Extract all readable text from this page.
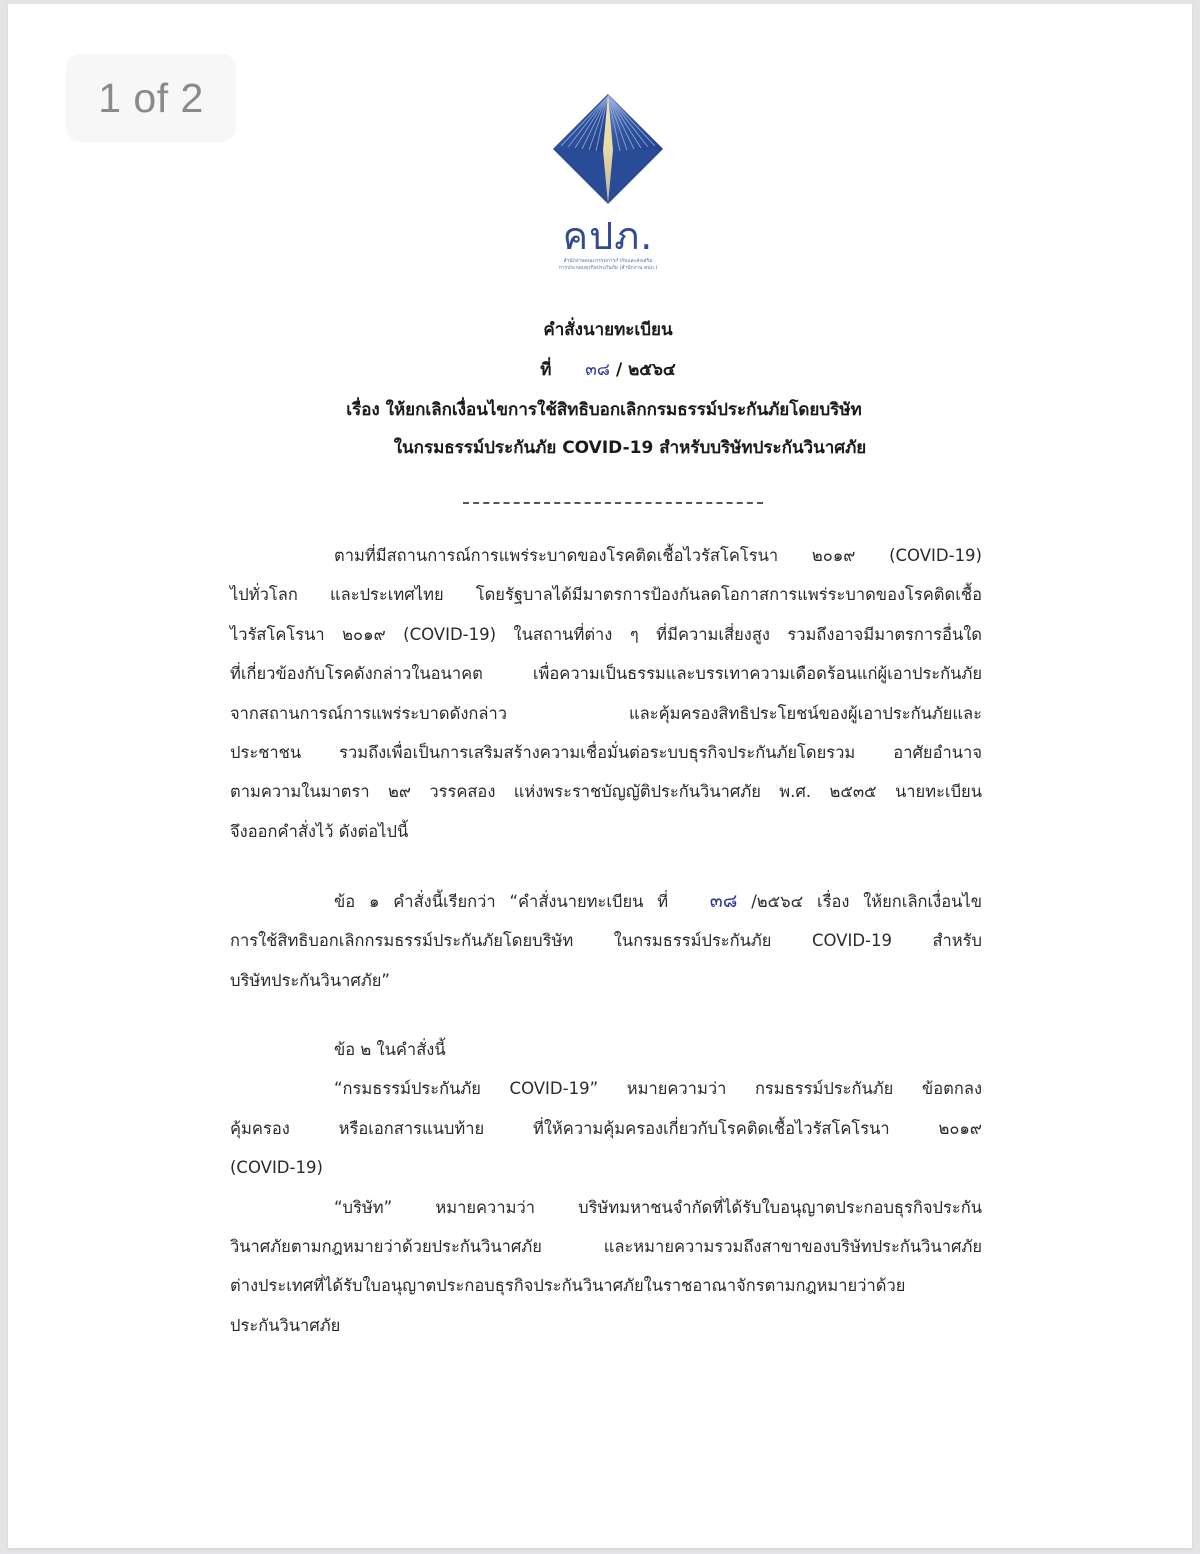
1 of 2
คปภ.
สำนักงานคณะกรรมการกำกับและส่งเสริม
การประกอบธุรกิจประกันภัย (สำนักงาน คปภ.)
คำสั่งนายทะเบียน
ที่ ๓๘ / ๒๕๖๔
เรื่อง ให้ยกเลิกเงื่อนไขการใช้สิทธิบอกเลิกกรมธรรม์ประกันภัยโดยบริษัท
ในกรมธรรม์ประกันภัย COVID-19 สำหรับบริษัทประกันวินาศภัย
ตามที่มีสถานการณ์การแพร่ระบาดของโรคติดเชื้อไวรัสโคโรนา ๒๐๑๙ (COVID-19)
ไปทั่วโลก และประเทศไทย โดยรัฐบาลได้มีมาตรการป้องกันลดโอกาสการแพร่ระบาดของโรคติดเชื้อ
ไวรัสโคโรนา ๒๐๑๙ (COVID-19) ในสถานที่ต่าง ๆ ที่มีความเสี่ยงสูง รวมถึงอาจมีมาตรการอื่นใด
ที่เกี่ยวข้องกับโรคดังกล่าวในอนาคต เพื่อความเป็นธรรมและบรรเทาความเดือดร้อนแก่ผู้เอาประกันภัย
จากสถานการณ์การแพร่ระบาดดังกล่าว และคุ้มครองสิทธิประโยชน์ของผู้เอาประกันภัยและ
ประชาชน รวมถึงเพื่อเป็นการเสริมสร้างความเชื่อมั่นต่อระบบธุรกิจประกันภัยโดยรวม อาศัยอำนาจ
ตามความในมาตรา ๒๙ วรรคสอง แห่งพระราชบัญญัติประกันวินาศภัย พ.ศ. ๒๕๓๕ นายทะเบียน
จึงออกคำสั่งไว้ ดังต่อไปนี้
ข้อ ๑ คำสั่งนี้เรียกว่า “คำสั่งนายทะเบียน ที่ ๓๘ /๒๕๖๔ เรื่อง ให้ยกเลิกเงื่อนไข
การใช้สิทธิบอกเลิกกรมธรรม์ประกันภัยโดยบริษัท ในกรมธรรม์ประกันภัย COVID-19 สำหรับ
บริษัทประกันวินาศภัย”
ข้อ ๒ ในคำสั่งนี้
“กรมธรรม์ประกันภัย COVID-19” หมายความว่า กรมธรรม์ประกันภัย ข้อตกลง
คุ้มครอง หรือเอกสารแนบท้าย ที่ให้ความคุ้มครองเกี่ยวกับโรคติดเชื้อไวรัสโคโรนา ๒๐๑๙
(COVID-19)
“บริษัท” หมายความว่า บริษัทมหาชนจำกัดที่ได้รับใบอนุญาตประกอบธุรกิจประกัน
วินาศภัยตามกฎหมายว่าด้วยประกันวินาศภัย และหมายความรวมถึงสาขาของบริษัทประกันวินาศภัย
ต่างประเทศที่ได้รับใบอนุญาตประกอบธุรกิจประกันวินาศภัยในราชอาณาจักรตามกฎหมายว่าด้วย
ประกันวินาศภัย
